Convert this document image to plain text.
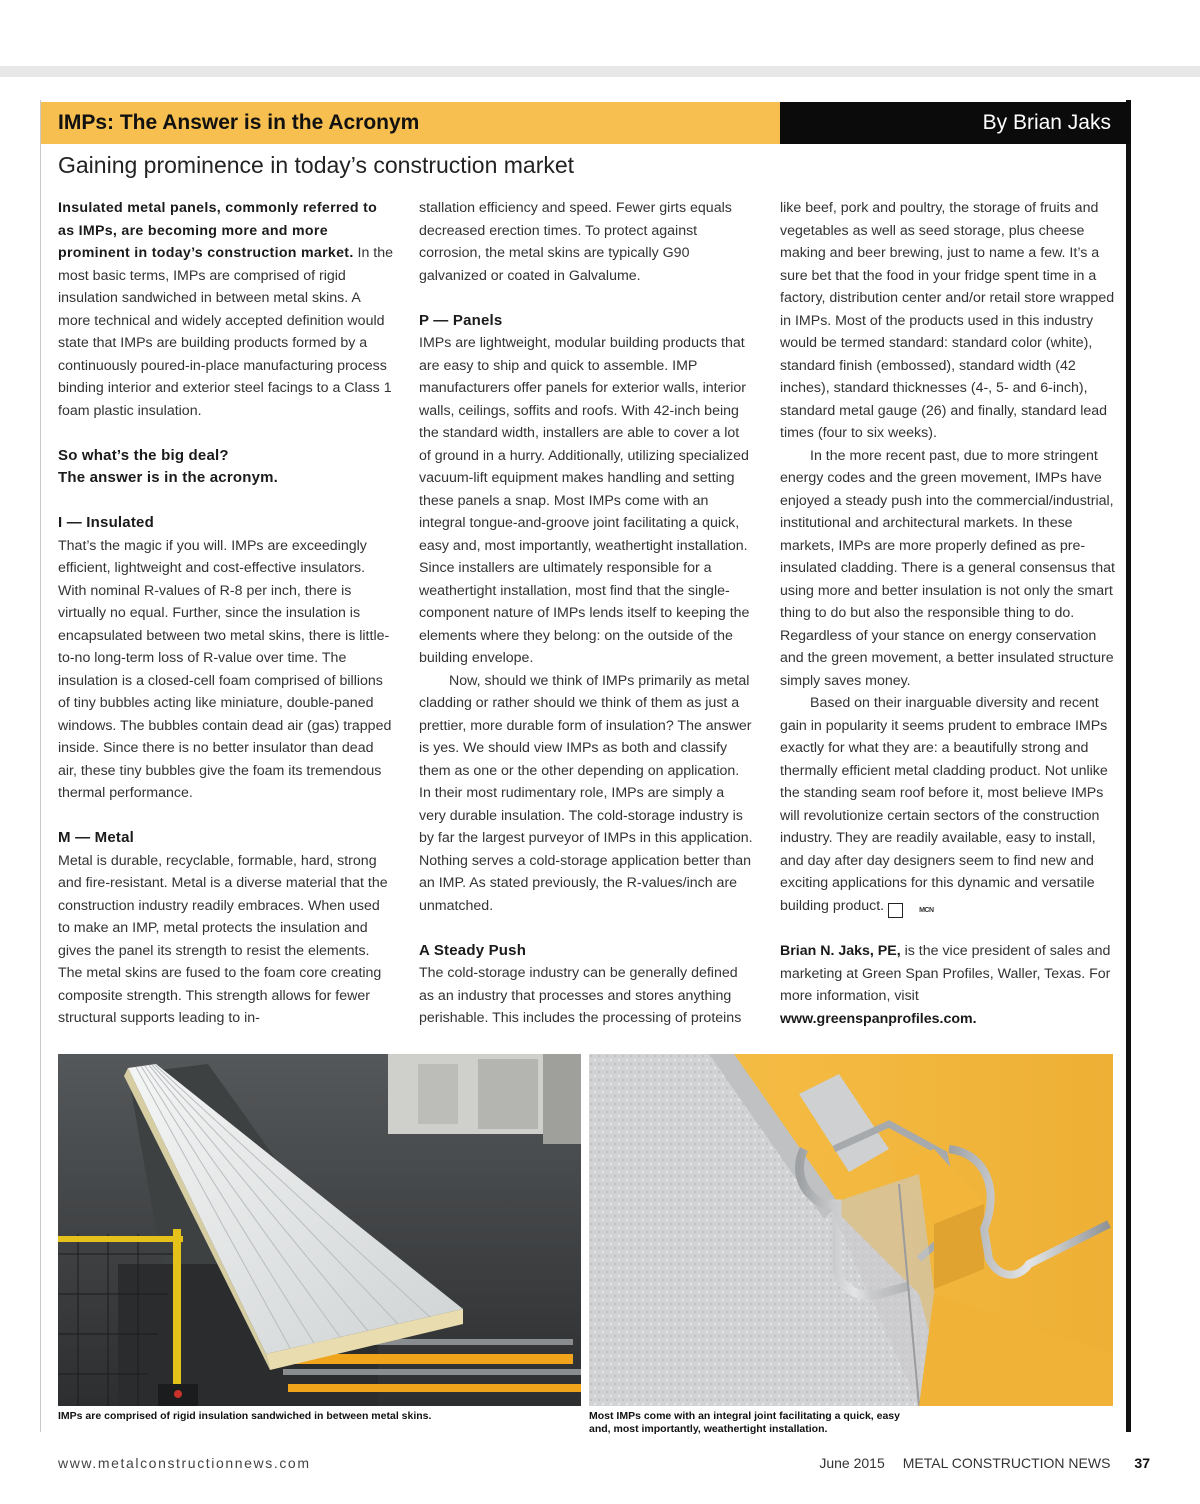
IMPs: The Answer is in the Acronym	By Brian Jaks
Gaining prominence in today’s construction market

Insulated metal panels, commonly referred to as IMPs, are becoming more and more prominent in today’s construction market. In the most basic terms, IMPs are comprised of rigid insulation sandwiched in between metal skins. A more technical and widely accepted definition would state that IMPs are building products formed by a continuously poured-in-place manufacturing process binding interior and exterior steel facings to a Class 1 foam plastic insulation.

So what’s the big deal?
The answer is in the acronym.
I — Insulated

That’s the magic if you will. IMPs are exceedingly efficient, lightweight and cost-effective insulators. With nominal R-values of R-8 per inch, there is virtually no equal. Further, since the insulation is encapsulated between two metal skins, there is little-to-no long-term loss of R-value over time. The insulation is a closed-cell foam comprised of billions of tiny bubbles acting like miniature, double-paned windows. The bubbles contain dead air (gas) trapped inside. Since there is no better insulator than dead air, these tiny bubbles give the foam its tremendous thermal performance.

M — Metal

Metal is durable, recyclable, formable, hard, strong and fire-resistant. Metal is a diverse material that the construction industry readily embraces. When used to make an IMP, metal protects the insulation and gives the panel its strength to resist the elements. The metal skins are fused to the foam core creating composite strength. This strength allows for fewer structural supports leading to in-

stallation efficiency and speed. Fewer girts equals decreased erection times. To protect against corrosion, the metal skins are typically G90 galvanized or coated in Galvalume.

P — Panels

IMPs are lightweight, modular building products that are easy to ship and quick to assemble. IMP manufacturers offer panels for exterior walls, interior walls, ceilings, soffits and roofs. With 42-inch being the standard width, installers are able to cover a lot of ground in a hurry. Additionally, utilizing specialized vacuum-lift equipment makes handling and setting these panels a snap. Most IMPs come with an integral tongue-and-groove joint facilitating a quick, easy and, most importantly, weathertight installation. Since installers are ultimately responsible for a weathertight installation, most find that the single-component nature of IMPs lends itself to keeping the elements where they belong: on the outside of the building envelope.

Now, should we think of IMPs primarily as metal cladding or rather should we think of them as just a prettier, more durable form of insulation? The answer is yes. We should view IMPs as both and classify them as one or the other depending on application. In their most rudimentary role, IMPs are simply a very durable insulation. The cold-storage industry is by far the largest purveyor of IMPs in this application. Nothing serves a cold-storage application better than an IMP. As stated previously, the R-values/inch are unmatched.

A Steady Push

The cold-storage industry can be generally defined as an industry that processes and stores anything perishable. This includes the processing of proteins

like beef, pork and poultry, the storage of fruits and vegetables as well as seed storage, plus cheese making and beer brewing, just to name a few. It’s a sure bet that the food in your fridge spent time in a factory, distribution center and/or retail store wrapped in IMPs. Most of the products used in this industry would be termed standard: standard color (white), standard finish (embossed), standard width (42 inches), standard thicknesses (4-, 5- and 6-inch), standard metal gauge (26) and finally, standard lead times (four to six weeks).

In the more recent past, due to more stringent energy codes and the green movement, IMPs have enjoyed a steady push into the commercial/industrial, institutional and architectural markets. In these markets, IMPs are more properly defined as pre-insulated cladding. There is a general consensus that using more and better insulation is not only the smart thing to do but also the responsible thing to do. Regardless of your stance on energy conservation and the green movement, a better insulated structure simply saves money.

Based on their inarguable diversity and recent gain in popularity it seems prudent to embrace IMPs exactly for what they are: a beautifully strong and thermally efficient metal cladding product. Not unlike the standing seam roof before it, most believe IMPs will revolutionize certain sectors of the construction industry. They are readily available, easy to install, and day after day designers seem to find new and exciting applications for this dynamic and versatile building product.	MCN

Brian N. Jaks, PE, is the vice president of sales and marketing at Green Span Profiles, Waller, Texas. For more information, visit www.greenspanprofiles.com.

IMPs are comprised of rigid insulation sandwiched in between metal skins.	Most IMPs come with an integral joint facilitating a quick, easy and, most importantly, weathertight installation.
www.metalconstructionnews.com	June 2015 METAL CONSTRUCTION NEWS 37
